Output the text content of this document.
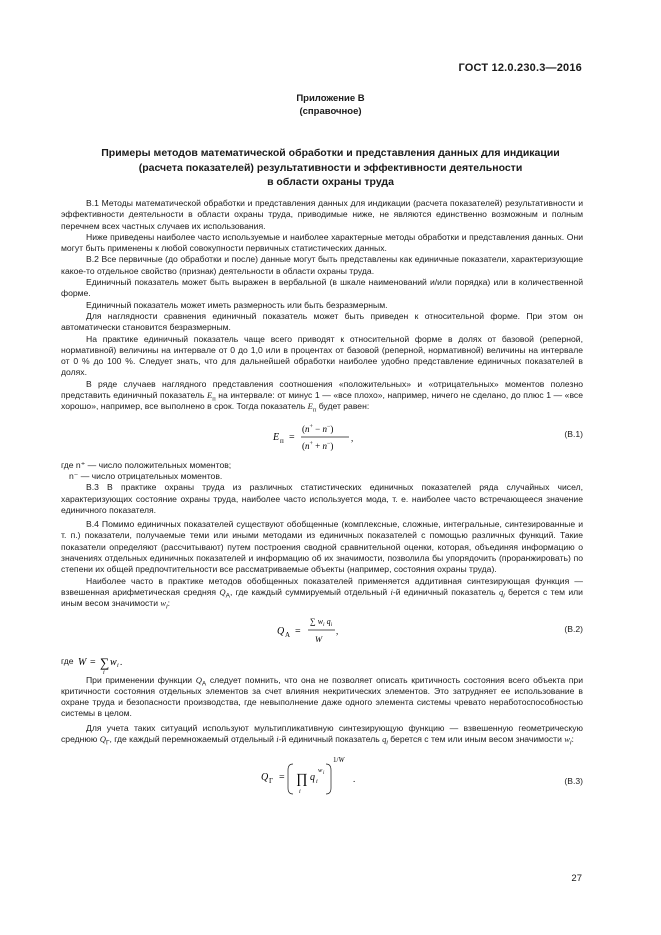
ГОСТ 12.0.230.3—2016
Приложение В
(справочное)
Примеры методов математической обработки и представления данных для индикации
(расчета показателей) результативности и эффективности деятельности
в области охраны труда

В.1 Методы математической обработки и представления данных для индикации (расчета показателей) результативности и эффективности деятельности в области охраны труда, приводимые ниже, не являются единственно возможным и полным перечнем всех частных случаев их использования.

Ниже приведены наиболее часто используемые и наиболее характерные методы обработки и представления данных. Они могут быть применены к любой совокупности первичных статистических данных.

В.2 Все первичные (до обработки и после) данные могут быть представлены как единичные показатели, характеризующие какое-то отдельное свойство (признак) деятельности в области охраны труда.

Единичный показатель может быть выражен в вербальной (в шкале наименований и/или порядка) или в количественной форме.

Единичный показатель может иметь размерность или быть безразмерным.

Для наглядности сравнения единичный показатель может быть приведен к относительной форме. При этом он автоматически становится безразмерным.

На практике единичный показатель чаще всего приводят к относительной форме в долях от базовой (реперной, нормативной) величины на интервале от 0 до 1,0 или в процентах от базовой (реперной, нормативной) величины на интервале от 0 % до 100 %. Следует знать, что для дальнейшей обработки наиболее удобно представление единичных показателей в долях.

В ряде случаев наглядного представления соотношения «положительных» и «отрицательных» моментов полезно представить единичный показатель $E_п$ на интервале: от минус 1 — «все плохо», например, ничего не сделано, до плюс 1 — «все хорошо», например, все выполнено в срок. Тогда показатель $E_п$ будет равен:

E п =
(n+ − n−)
(n+ + n−)
,	(В.1)

где n⁺ — число положительных моментов;

n⁻ — число отрицательных моментов.

В.3 В практике охраны труда из различных статистических единичных показателей ряда случайных чисел, характеризующих состояние охраны труда, наиболее часто используется мода, т. е. наиболее часто встречающееся значение единичного показателя.

В.4 Помимо единичных показателей существуют обобщенные (комплексные, сложные, интегральные, синтезированные и т. п.) показатели, получаемые теми или иными методами из единичных показателей с помощью различных функций. Такие показатели определяют (рассчитывают) путем построения сводной сравнительной оценки, которая, объединяя информацию о значениях отдельных единичных показателей и информацию об их значимости, позволила бы упорядочить (проранжировать) по степени их общей предпочтительности все рассматриваемые объекты (например, состояния охраны труда).

Наиболее часто в практике методов обобщенных показателей применяется аддитивная синтезирующая функция — взвешенная арифметическая средняя $Q_А$, где каждый суммируемый отдельный i-й единичный показатель $q_i$ берется с тем или иным весом значимости $w_i$:

Q А =
∑ $w_i$ $q_i$
W
,	(В.2)
где W = ∑
i
w i .

При применении функции $Q_А$ следует помнить, что она не позволяет описать критичность состояния всего объекта при критичности состояния отдельных элементов за счет влияния некритических элементов. Это затрудняет ее использование в охране труда и безопасности производства, где невыполнение даже одного элемента системы чревато неработоспособностью системы в целом.

Для учета таких ситуаций используют мультипликативную синтезирующую функцию — взвешенную геометрическую среднюю $Q_Г$, где каждый перемножаемый отдельный i-й единичный показатель $q_i$ берется с тем или иным весом значимости $w_i$:

Q Г = ∏
i
q i
w i
1/W
.	(В.3)
27
